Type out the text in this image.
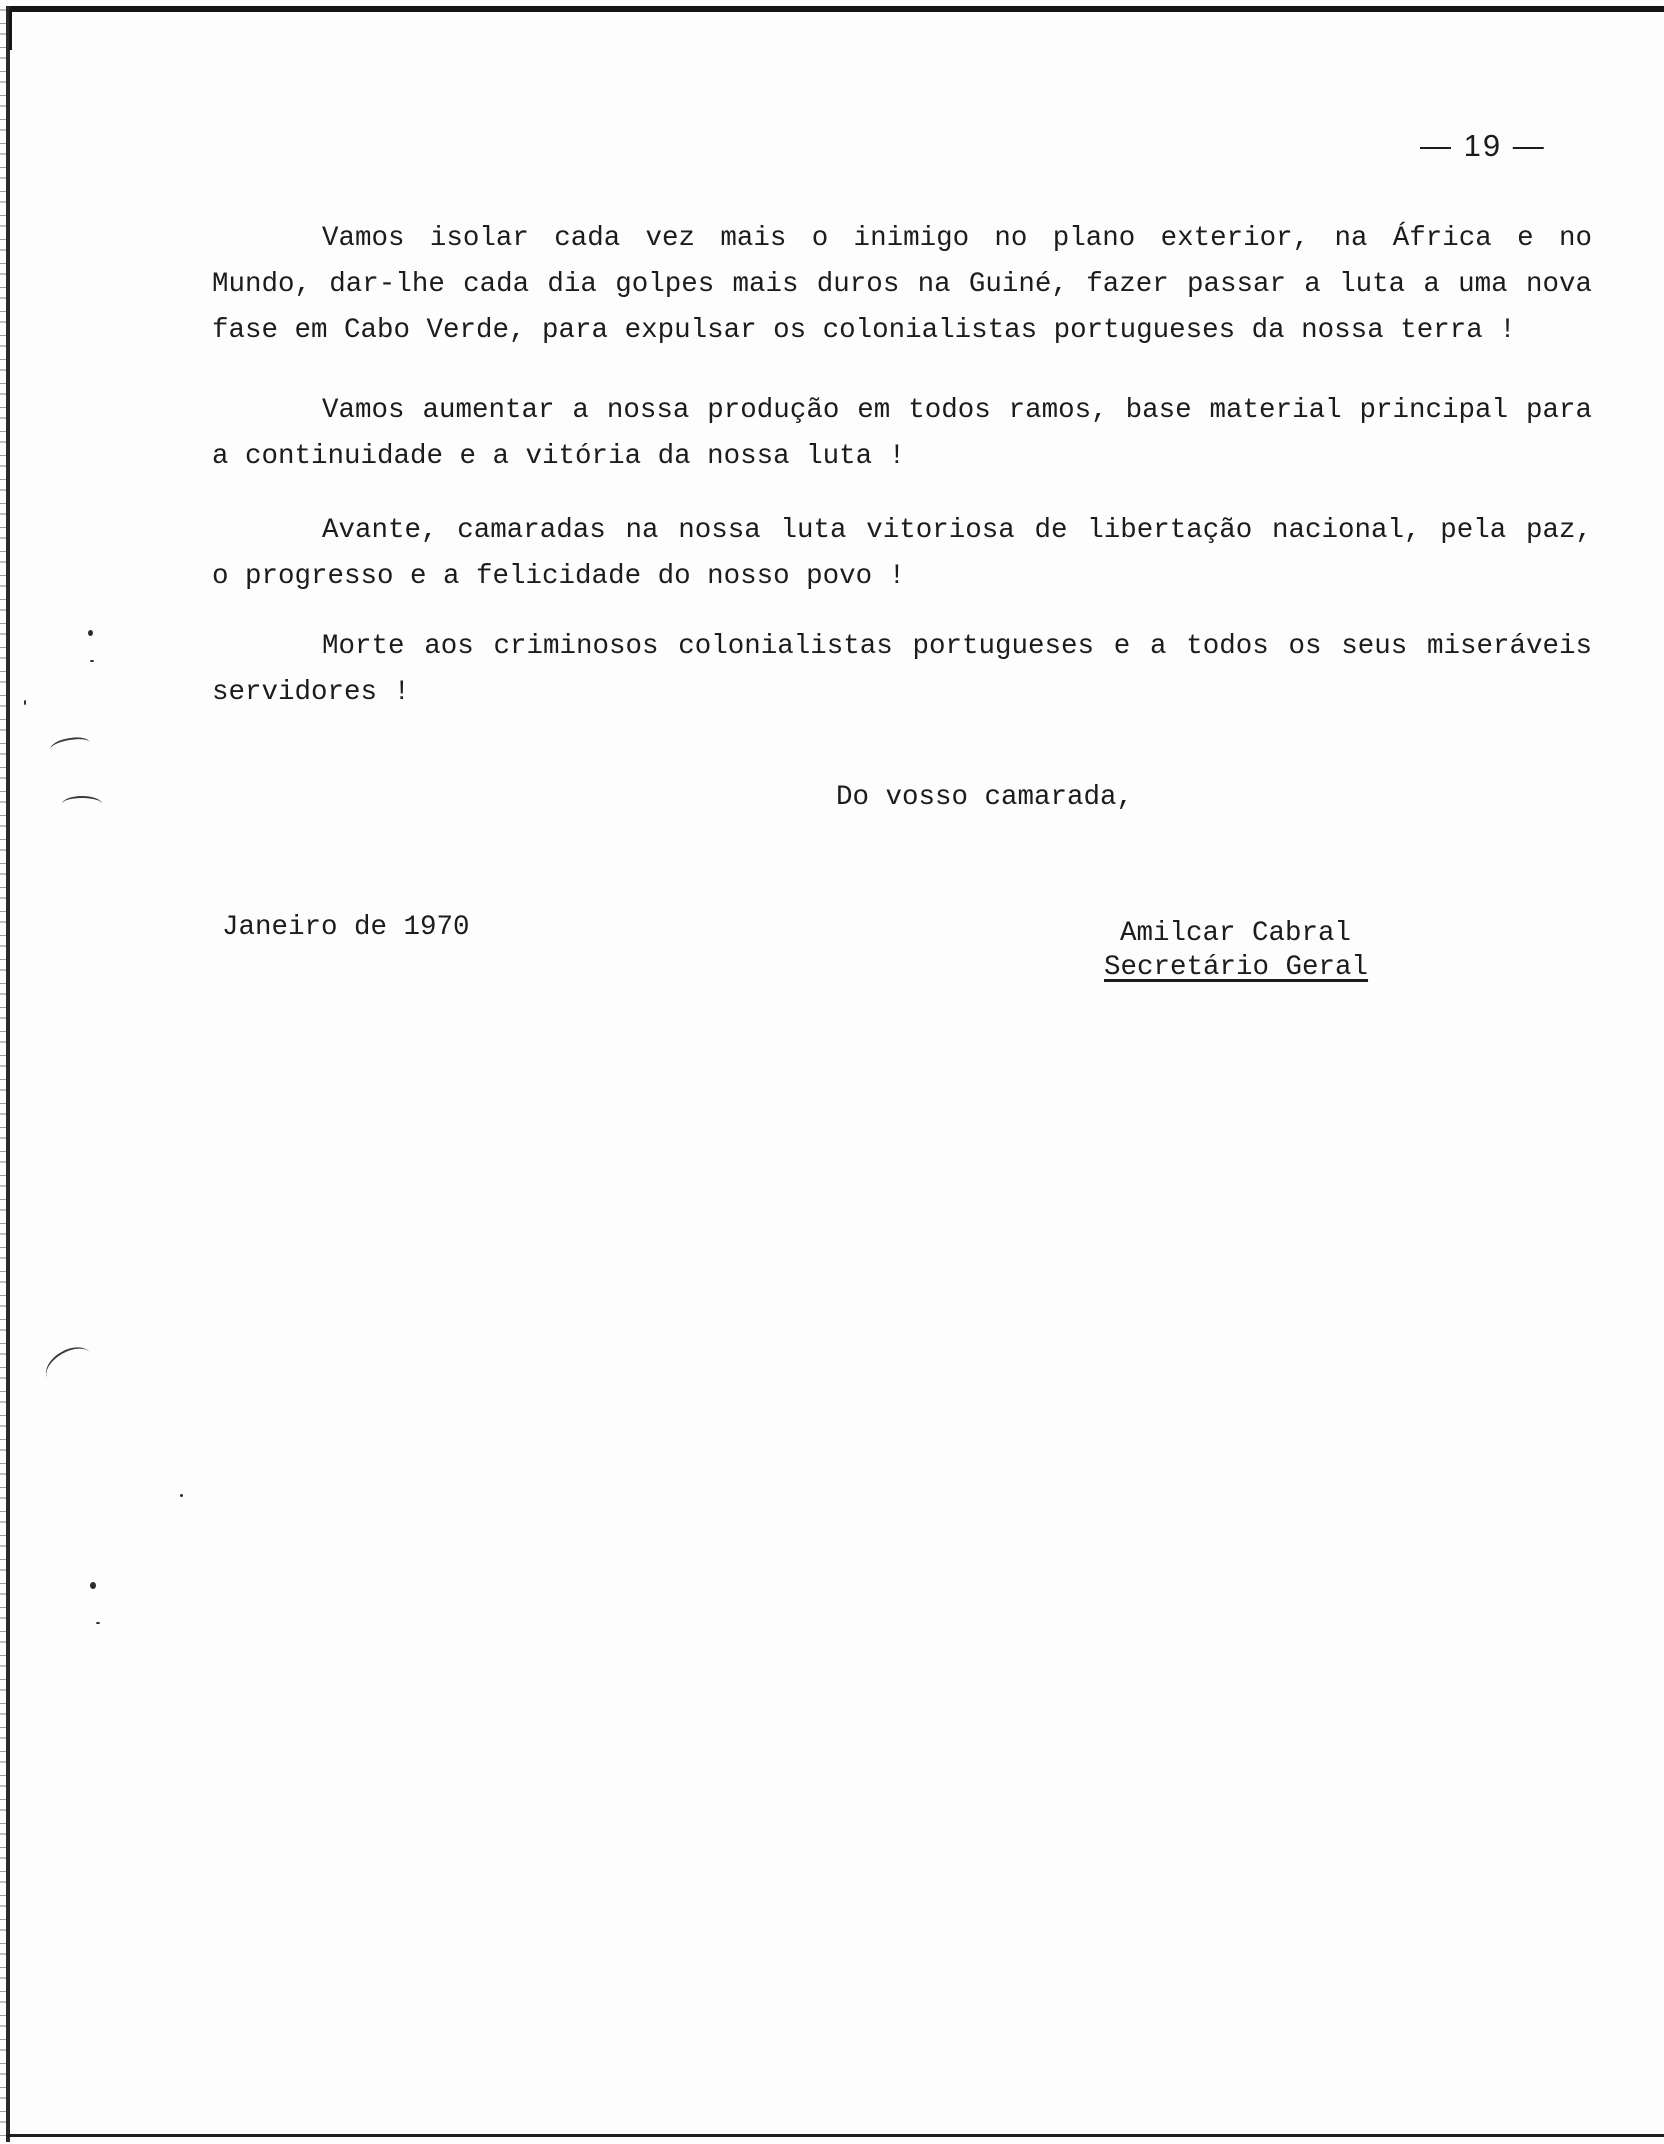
— 19 —

Vamos isolar cada vez mais o inimigo no plano exterior, na África e no Mundo, dar-lhe cada dia golpes mais duros na Guiné, fazer passar a luta a uma nova fase em Cabo Verde, para expulsar os colonialistas portugueses da nossa terra !

Vamos aumentar a nossa produção em todos ramos, base material principal para a continuidade e a vitória da nossa luta !

Avante, camaradas na nossa luta vitoriosa de libertação nacional, pela paz, o progresso e a felicidade do nosso povo !

Morte aos criminosos colonialistas portugueses e a todos os seus miseráveis servidores !

Do vosso camarada,
Janeiro de 1970	Amilcar Cabral
Secretário Geral
